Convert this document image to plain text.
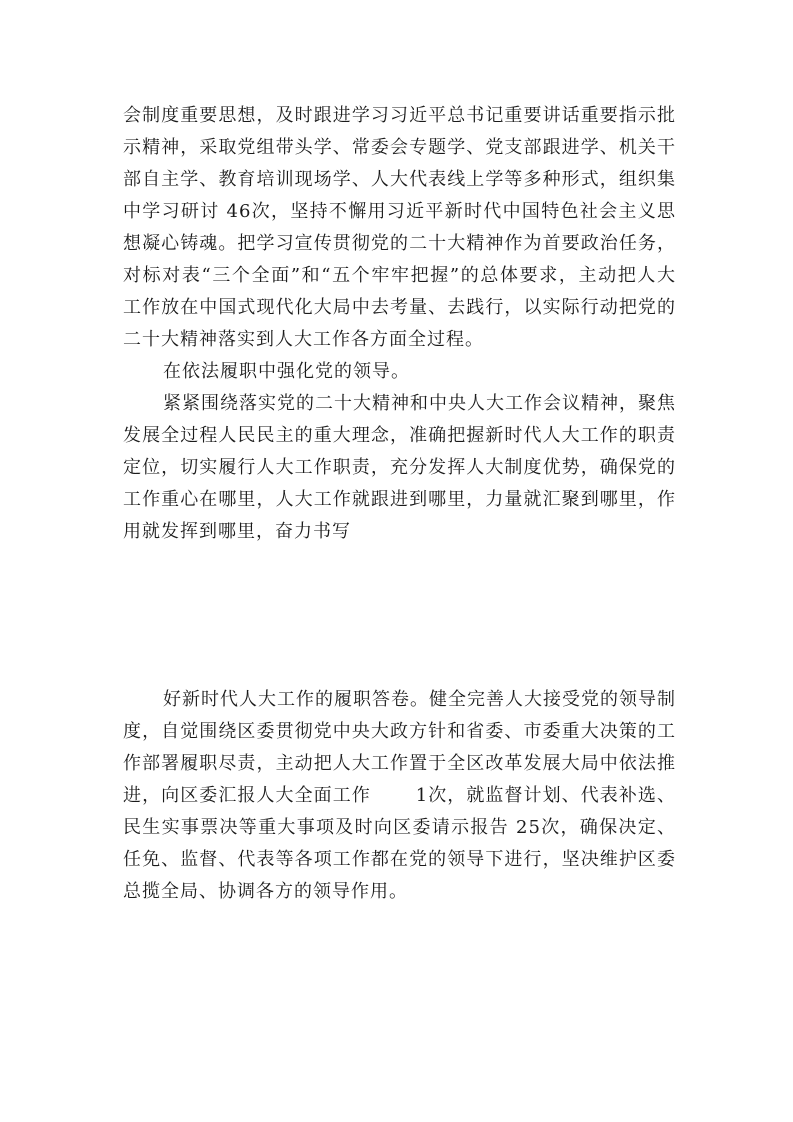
会制度重要思想，及时跟进学习习近平总书记重要讲话重要指示批示精神，采取党组带头学、常委会专题学、党支部跟进学、机关干部自主学、教育培训现场学、人大代表线上学等多种形式，组织集中学习研讨 46次，坚持不懈用习近平新时代中国特色社会主义思想凝心铸魂。把学习宣传贯彻党的二十大精神作为首要政治任务，对标对表“三个全面”和“五个牢牢把握”的总体要求，主动把人大工作放在中国式现代化大局中去考量、去践行，以实际行动把党的二十大精神落实到人大工作各方面全过程。

在依法履职中强化党的领导。

紧紧围绕落实党的二十大精神和中央人大工作会议精神，聚焦发展全过程人民民主的重大理念，准确把握新时代人大工作的职责定位，切实履行人大工作职责，充分发挥人大制度优势，确保党的工作重心在哪里，人大工作就跟进到哪里，力量就汇聚到哪里，作用就发挥到哪里，奋力书写

好新时代人大工作的履职答卷。健全完善人大接受党的领导制度，自觉围绕区委贯彻党中央大政方针和省委、市委重大决策的工作部署履职尽责，主动把人大工作置于全区改革发展大局中依法推进，向区委汇报人大全面工作 　　1次，就监督计划、代表补选、民生实事票决等重大事项及时向区委请示报告 25次，确保决定、任免、监督、代表等各项工作都在党的领导下进行，坚决维护区委总揽全局、协调各方的领导作用。
